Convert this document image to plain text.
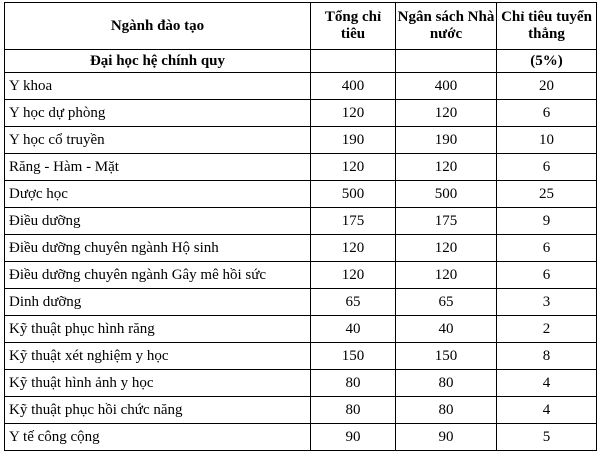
Ngành đào tạo	Tổng chỉ tiêu	Ngân sách Nhà nước	Chỉ tiêu tuyển thẳng
Đại học hệ chính quy			(5%)
Y khoa	400	400	20
Y học dự phòng	120	120	6
Y học cổ truyền	190	190	10
Răng - Hàm - Mặt	120	120	6
Dược học	500	500	25
Điều dưỡng	175	175	9
Điều dưỡng chuyên ngành Hộ sinh	120	120	6
Điều dưỡng chuyên ngành Gây mê hồi sức	120	120	6
Dinh dưỡng	65	65	3
Kỹ thuật phục hình răng	40	40	2
Kỹ thuật xét nghiệm y học	150	150	8
Kỹ thuật hình ảnh y học	80	80	4
Kỹ thuật phục hồi chức năng	80	80	4
Y tế công cộng	90	90	5
